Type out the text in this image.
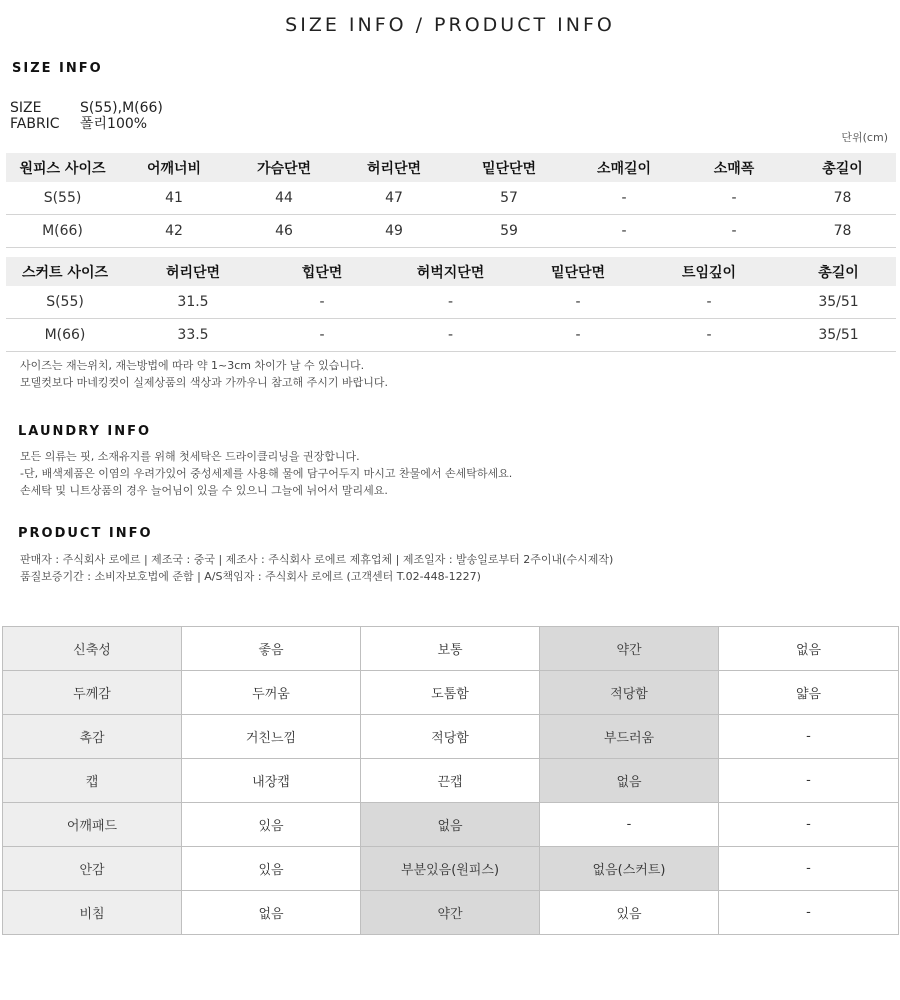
SIZE INFO / PRODUCT INFO
SIZE INFO
SIZE	S(55),M(66)
FABRIC	폴리100%
단위(cm)
원피스 사이즈	어깨너비	가슴단면	허리단면	밑단단면	소매길이	소매폭	총길이
S(55)	41	44	47	57	-	-	78
M(66)	42	46	49	59	-	-	78
스커트 사이즈	허리단면	힙단면	허벅지단면	밑단단면	트임깊이	총길이
S(55)	31.5	-	-	-	-	35/51
M(66)	33.5	-	-	-	-	35/51
사이즈는 재는위치, 재는방법에 따라 약 1~3cm 차이가 날 수 있습니다.
모델컷보다 마네킹컷이 실제상품의 색상과 가까우니 참고해 주시기 바랍니다.
LAUNDRY INFO
모든 의류는 핏, 소재유지를 위해 첫세탁은 드라이클리닝을 권장합니다.
-단, 배색제품은 이염의 우려가있어 중성세제를 사용해 물에 담구어두지 마시고 찬물에서 손세탁하세요.
손세탁 및 니트상품의 경우 늘어님이 있을 수 있으니 그늘에 뉘어서 말리세요.
PRODUCT INFO
판매자 : 주식회사 로에르 | 제조국 : 중국 | 제조사 : 주식회사 로에르 제휴업체 | 제조일자 : 발송일로부터 2주이내(수시제작)
품질보증기간 : 소비자보호법에 준함 | A/S책임자 : 주식회사 로에르 (고객센터 T.02-448-1227)
신축성	좋음	보통	약간	없음
두께감	두꺼움	도톰함	적당함	얇음
촉감	거친느낌	적당함	부드러움	-
캡	내장캡	끈캡	없음	-
어깨패드	있음	없음	-	-
안감	있음	부분있음(원피스)	없음(스커트)	-
비침	없음	약간	있음	-
